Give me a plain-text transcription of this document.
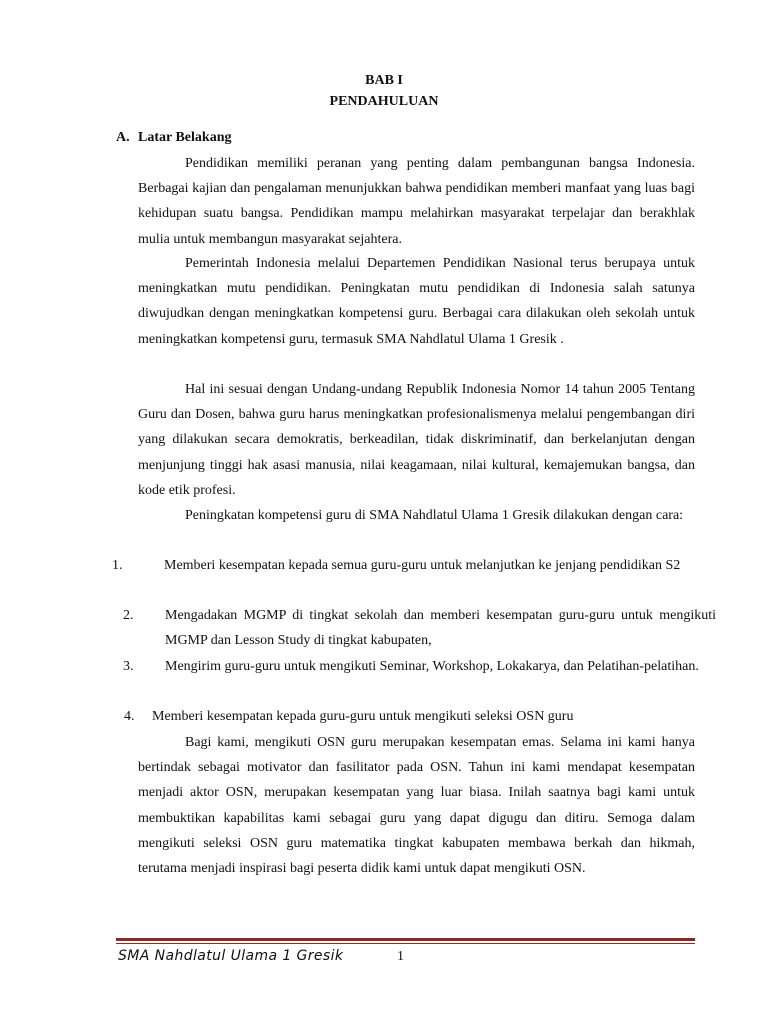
BAB I
PENDAHULUAN
A. Latar Belakang

Pendidikan memiliki peranan yang penting dalam pembangunan bangsa Indonesia. Berbagai kajian dan pengalaman menunjukkan bahwa pendidikan memberi manfaat yang luas bagi kehidupan suatu bangsa. Pendidikan mampu melahirkan masyarakat terpelajar dan berakhlak mulia untuk membangun masyarakat sejahtera.

Pemerintah Indonesia melalui Departemen Pendidikan Nasional terus berupaya untuk meningkatkan mutu pendidikan. Peningkatan mutu pendidikan di Indonesia salah satunya diwujudkan dengan meningkatkan kompetensi guru. Berbagai cara dilakukan oleh sekolah untuk meningkatkan kompetensi guru, termasuk SMA Nahdlatul Ulama 1 Gresik .

Hal ini sesuai dengan Undang-undang Republik Indonesia Nomor 14 tahun 2005 Tentang Guru dan Dosen, bahwa guru harus meningkatkan profesionalismenya melalui pengembangan diri yang dilakukan secara demokratis, berkeadilan, tidak diskriminatif, dan berkelanjutan dengan menjunjung tinggi hak asasi manusia, nilai keagamaan, nilai kultural, kemajemukan bangsa, dan kode etik profesi.

Peningkatan kompetensi guru di SMA Nahdlatul Ulama 1 Gresik dilakukan dengan cara:

1.	Memberi kesempatan kepada semua guru-guru untuk melanjutkan ke jenjang pendidikan S2
2. Mengadakan MGMP di tingkat sekolah dan memberi kesempatan guru-guru untuk mengikuti MGMP dan Lesson Study di tingkat kabupaten,
3. Mengirim guru-guru untuk mengikuti Seminar, Workshop, Lokakarya, dan Pelatihan-pelatihan.
4. Memberi kesempatan kepada guru-guru untuk mengikuti seleksi OSN guru

Bagi kami, mengikuti OSN guru merupakan kesempatan emas. Selama ini kami hanya bertindak sebagai motivator dan fasilitator pada OSN. Tahun ini kami mendapat kesempatan menjadi aktor OSN, merupakan kesempatan yang luar biasa. Inilah saatnya bagi kami untuk membuktikan kapabilitas kami sebagai guru yang dapat digugu dan ditiru. Semoga dalam mengikuti seleksi OSN guru matematika tingkat kabupaten membawa berkah dan hikmah, terutama menjadi inspirasi bagi peserta didik kami untuk dapat mengikuti OSN.

SMA Nahdlatul Ulama 1 Gresik	1
